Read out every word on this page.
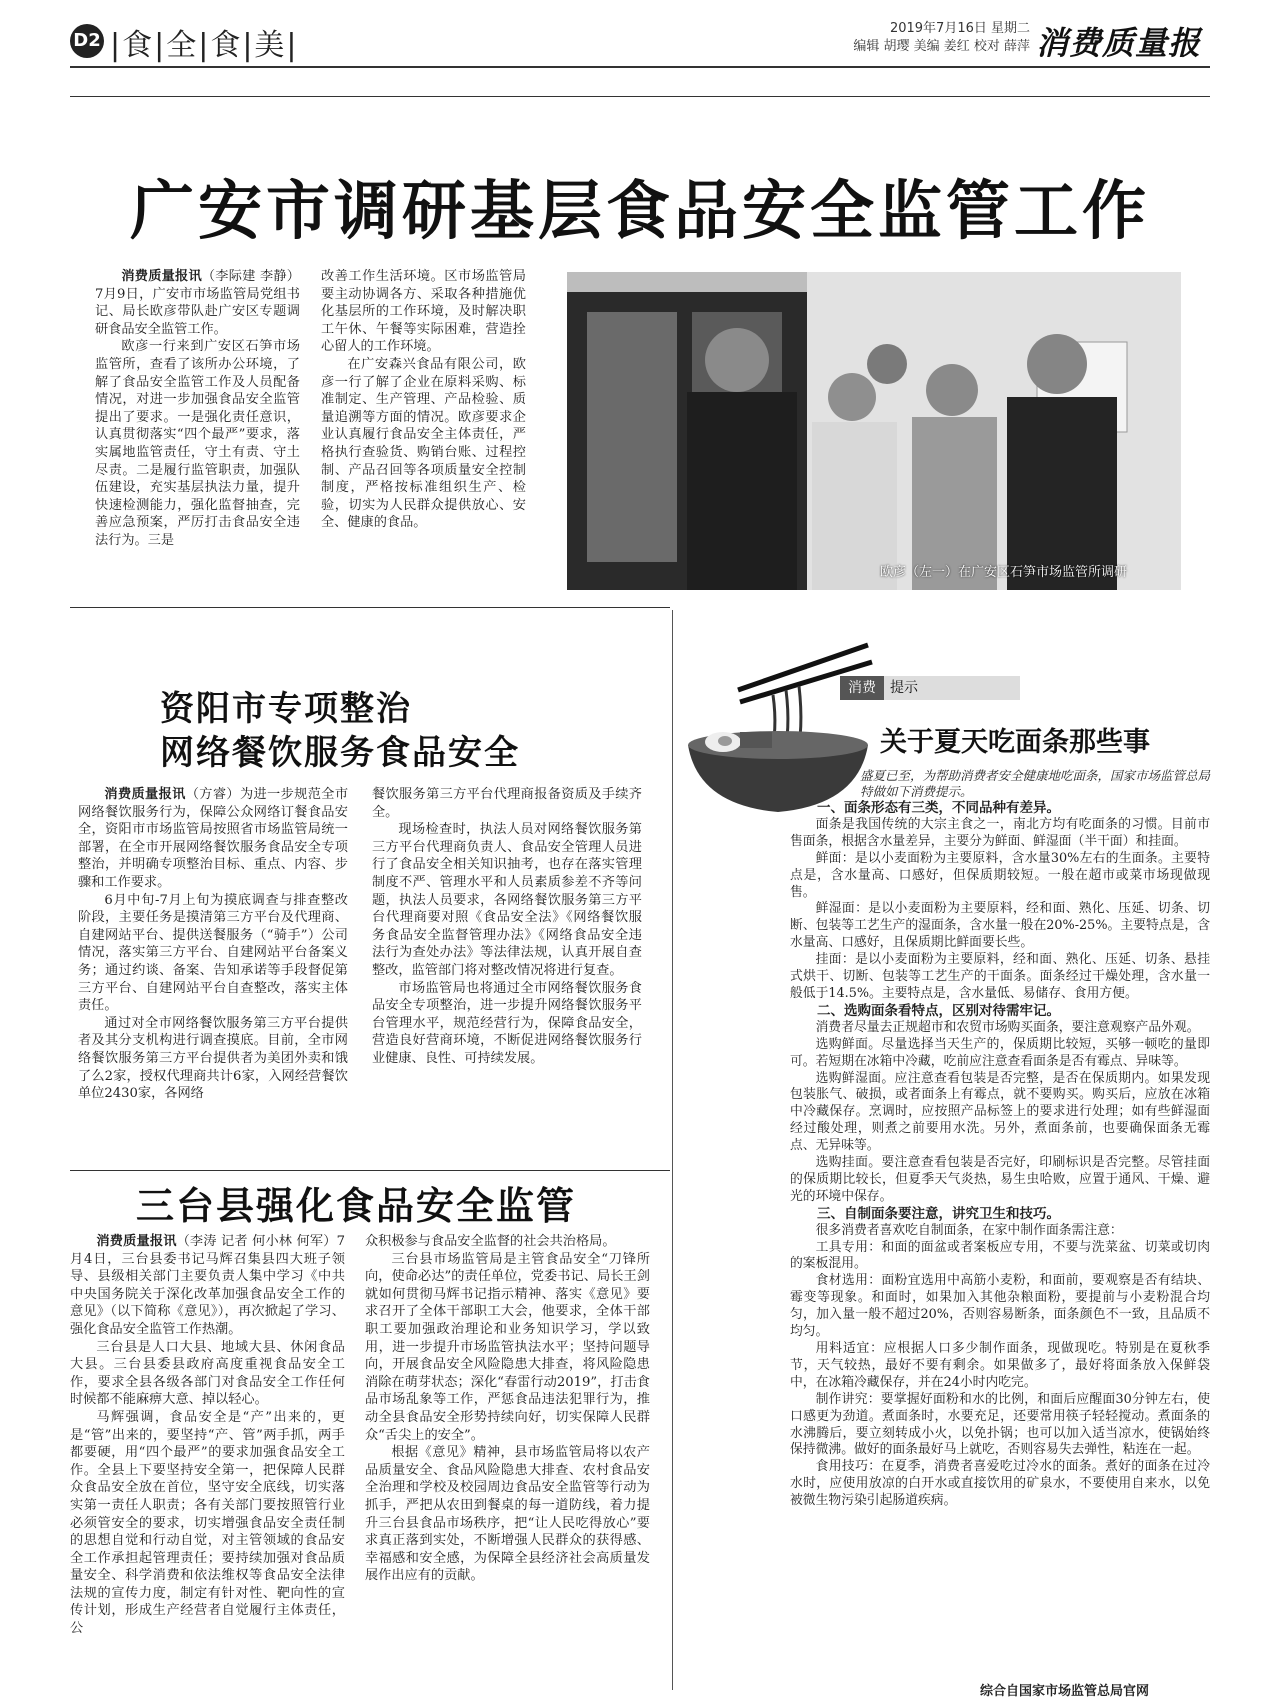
D2 |食|全|食|美|	2019年7月16日 星期二
编辑 胡璎 美编 姜红 校对 薛萍 消费质量报
广安市调研基层食品安全监管工作

消费质量报讯（李际建 李静）7月9日，广安市市场监管局党组书记、局长欧彦带队赴广安区专题调研食品安全监管工作。

欧彦一行来到广安区石笋市场监管所，查看了该所办公环境，了解了食品安全监管工作及人员配备情况，对进一步加强食品安全监管提出了要求。一是强化责任意识，认真贯彻落实“四个最严”要求，落实属地监管责任，守土有责、守土尽责。二是履行监管职责，加强队伍建设，充实基层执法力量，提升快速检测能力，强化监督抽查，完善应急预案，严厉打击食品安全违法行为。三是

改善工作生活环境。区市场监管局要主动协调各方、采取各种措施优化基层所的工作环境，及时解决职工午休、午餐等实际困难，营造拴心留人的工作环境。

在广安森兴食品有限公司，欧彦一行了解了企业在原料采购、标准制定、生产管理、产品检验、质量追溯等方面的情况。欧彦要求企业认真履行食品安全主体责任，严格执行查验货、购销台账、过程控制、产品召回等各项质量安全控制制度，严格按标准组织生产、检验，切实为人民群众提供放心、安全、健康的食品。

欧彦（左一）在广安区石笋市场监管所调研
资阳市专项整治
网络餐饮服务食品安全

消费质量报讯（方睿）为进一步规范全市网络餐饮服务行为，保障公众网络订餐食品安全，资阳市市场监管局按照省市场监管局统一部署，在全市开展网络餐饮服务食品安全专项整治，并明确专项整治目标、重点、内容、步骤和工作要求。

6月中旬-7月上旬为摸底调查与排查整改阶段，主要任务是摸清第三方平台及代理商、自建网站平台、提供送餐服务（“骑手”）公司情况，落实第三方平台、自建网站平台备案义务；通过约谈、备案、告知承诺等手段督促第三方平台、自建网站平台自查整改，落实主体责任。

通过对全市网络餐饮服务第三方平台提供者及其分支机构进行调查摸底。目前，全市网络餐饮服务第三方平台提供者为美团外卖和饿了么2家，授权代理商共计6家，入网经营餐饮单位2430家，各网络

餐饮服务第三方平台代理商报备资质及手续齐全。

现场检查时，执法人员对网络餐饮服务第三方平台代理商负责人、食品安全管理人员进行了食品安全相关知识抽考，也存在落实管理制度不严、管理水平和人员素质参差不齐等问题，执法人员要求，各网络餐饮服务第三方平台代理商要对照《食品安全法》《网络餐饮服务食品安全监督管理办法》《网络食品安全违法行为查处办法》等法律法规，认真开展自查整改，监管部门将对整改情况将进行复查。

市场监管局也将通过全市网络餐饮服务食品安全专项整治，进一步提升网络餐饮服务平台管理水平，规范经营行为，保障食品安全，营造良好营商环境，不断促进网络餐饮服务行业健康、良性、可持续发展。

三台县强化食品安全监管

消费质量报讯（李涛 记者 何小林 何军）7月4日，三台县委书记马辉召集县四大班子领导、县级相关部门主要负责人集中学习《中共中央国务院关于深化改革加强食品安全工作的意见》（以下简称《意见》），再次掀起了学习、强化食品安全监管工作热潮。

三台县是人口大县、地域大县、休闲食品大县。三台县委县政府高度重视食品安全工作，要求全县各级各部门对食品安全工作任何时候都不能麻痹大意、掉以轻心。

马辉强调，食品安全是“产”出来的，更是“管”出来的，要坚持“产、管”两手抓，两手都要硬，用“四个最严”的要求加强食品安全工作。全县上下要坚持安全第一，把保障人民群众食品安全放在首位，坚守安全底线，切实落实第一责任人职责；各有关部门要按照管行业必须管安全的要求，切实增强食品安全责任制的思想自觉和行动自觉，对主管领域的食品安全工作承担起管理责任；要持续加强对食品质量安全、科学消费和依法维权等食品安全法律法规的宣传力度，制定有针对性、靶向性的宣传计划，形成生产经营者自觉履行主体责任，公

众积极参与食品安全监督的社会共治格局。

三台县市场监管局是主管食品安全“刀锋所向，使命必达”的责任单位，党委书记、局长王剑就如何贯彻马辉书记指示精神、落实《意见》要求召开了全体干部职工大会，他要求，全体干部职工要加强政治理论和业务知识学习，学以致用，进一步提升市场监管执法水平；坚持问题导向，开展食品安全风险隐患大排查，将风险隐患消除在萌芽状态；深化“春雷行动2019”，打击食品市场乱象等工作，严惩食品违法犯罪行为，推动全县食品安全形势持续向好，切实保障人民群众“舌尖上的安全”。

根据《意见》精神，县市场监管局将以农产品质量安全、食品风险隐患大排查、农村食品安全治理和学校及校园周边食品安全监管等行动为抓手，严把从农田到餐桌的每一道防线，着力提升三台县食品市场秩序，把“让人民吃得放心”要求真正落到实处，不断增强人民群众的获得感、幸福感和安全感，为保障全县经济社会高质量发展作出应有的贡献。

消费 提示
关于夏天吃面条那些事
盛夏已至，为帮助消费者安全健康地吃面条，国家市场监管总局特做如下消费提示。
一、面条形态有三类，不同品种有差异。

面条是我国传统的大宗主食之一，南北方均有吃面条的习惯。目前市售面条，根据含水量差异，主要分为鲜面、鲜湿面（半干面）和挂面。

鲜面：是以小麦面粉为主要原料，含水量30%左右的生面条。主要特点是，含水量高、口感好，但保质期较短。一般在超市或菜市场现做现售。

鲜湿面：是以小麦面粉为主要原料，经和面、熟化、压延、切条、切断、包装等工艺生产的湿面条，含水量一般在20%-25%。主要特点是，含水量高、口感好，且保质期比鲜面要长些。

挂面：是以小麦面粉为主要原料，经和面、熟化、压延、切条、悬挂式烘干、切断、包装等工艺生产的干面条。面条经过干燥处理，含水量一般低于14.5%。主要特点是，含水量低、易储存、食用方便。

二、选购面条看特点，区别对待需牢记。

消费者尽量去正规超市和农贸市场购买面条，要注意观察产品外观。

选购鲜面。尽量选择当天生产的，保质期比较短，买够一顿吃的量即可。若短期在冰箱中冷藏，吃前应注意查看面条是否有霉点、异味等。

选购鲜湿面。应注意查看包装是否完整，是否在保质期内。如果发现包装胀气、破损，或者面条上有霉点，就不要购买。购买后，应放在冰箱中冷藏保存。烹调时，应按照产品标签上的要求进行处理；如有些鲜湿面经过酸处理，则煮之前要用水洗。另外，煮面条前，也要确保面条无霉点、无异味等。

选购挂面。要注意查看包装是否完好，印刷标识是否完整。尽管挂面的保质期比较长，但夏季天气炎热，易生虫哈败，应置于通风、干燥、避光的环境中保存。

三、自制面条要注意，讲究卫生和技巧。

很多消费者喜欢吃自制面条，在家中制作面条需注意：

工具专用：和面的面盆或者案板应专用，不要与洗菜盆、切菜或切肉的案板混用。

食材选用：面粉宜选用中高筋小麦粉，和面前，要观察是否有结块、霉变等现象。和面时，如果加入其他杂粮面粉，要提前与小麦粉混合均匀，加入量一般不超过20%，否则容易断条，面条颜色不一致，且品质不均匀。

用料适宜：应根据人口多少制作面条，现做现吃。特别是在夏秋季节，天气较热，最好不要有剩余。如果做多了，最好将面条放入保鲜袋中，在冰箱冷藏保存，并在24小时内吃完。

制作讲究：要掌握好面粉和水的比例，和面后应醒面30分钟左右，使口感更为劲道。煮面条时，水要充足，还要常用筷子轻轻搅动。煮面条的水沸腾后，要立刻转成小火，以免扑锅；也可以加入适当凉水，使锅始终保持微沸。做好的面条最好马上就吃，否则容易失去弹性，粘连在一起。

食用技巧：在夏季，消费者喜爱吃过冷水的面条。煮好的面条在过冷水时，应使用放凉的白开水或直接饮用的矿泉水，不要使用自来水，以免被微生物污染引起肠道疾病。

综合自国家市场监管总局官网
